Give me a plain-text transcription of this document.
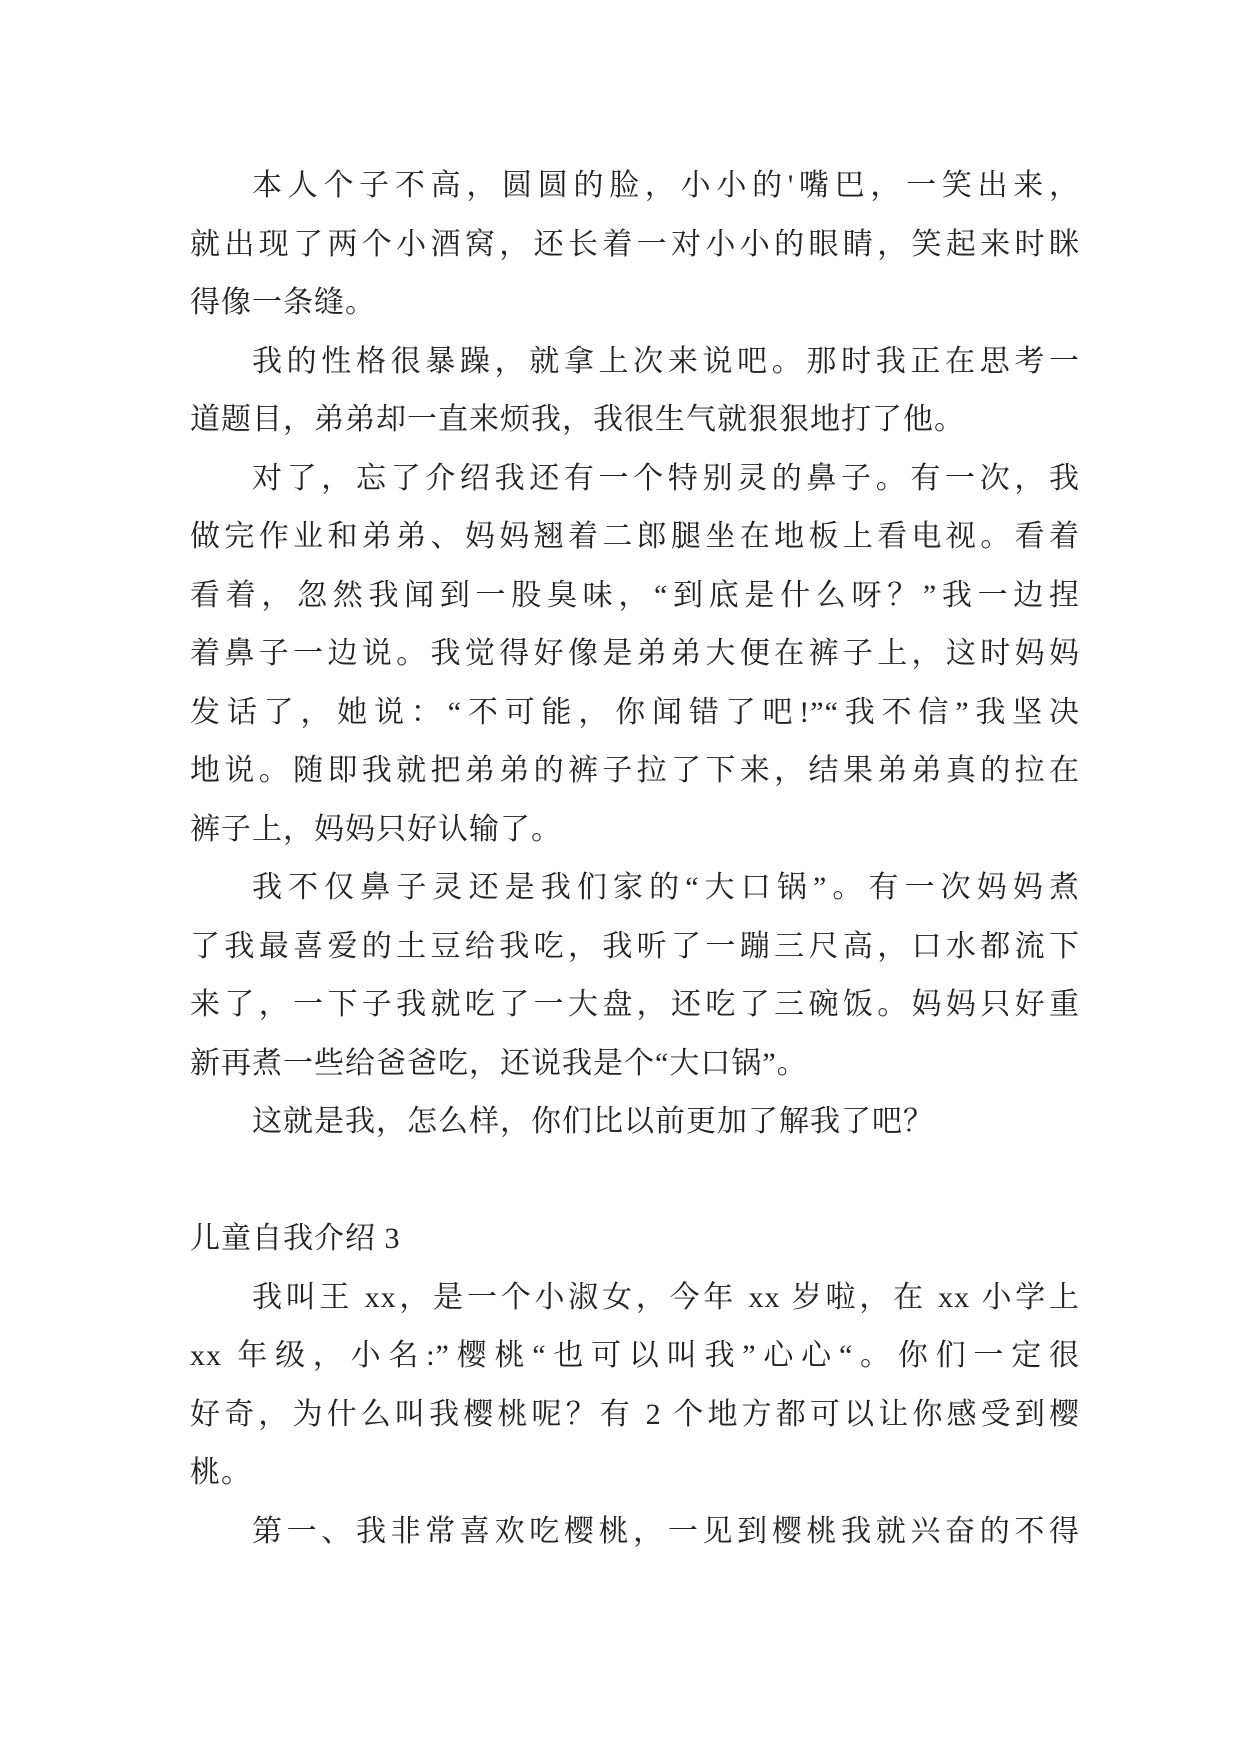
本人个子不高，圆圆的脸，小小的'嘴巴，一笑出来，
就出现了两个小酒窝，还长着一对小小的眼睛，笑起来时眯
得像一条缝。
我的性格很暴躁，就拿上次来说吧。那时我正在思考一
道题目，弟弟却一直来烦我，我很生气就狠狠地打了他。
对了，忘了介绍我还有一个特别灵的鼻子。有一次，我
做完作业和弟弟、妈妈翘着二郎腿坐在地板上看电视。看着
看着，忽然我闻到一股臭味，“到底是什么呀？”我一边捏
着鼻子一边说。我觉得好像是弟弟大便在裤子上，这时妈妈
发话了，她说：“不可能，你闻错了吧!”“我不信”我坚决
地说。随即我就把弟弟的裤子拉了下来，结果弟弟真的拉在
裤子上，妈妈只好认输了。
我不仅鼻子灵还是我们家的“大口锅”。有一次妈妈煮
了我最喜爱的土豆给我吃，我听了一蹦三尺高，口水都流下
来了，一下子我就吃了一大盘，还吃了三碗饭。妈妈只好重
新再煮一些给爸爸吃，还说我是个“大口锅”。
这就是我，怎么样，你们比以前更加了解我了吧？
儿童自我介绍 3
我叫王 xx，是一个小淑女，今年 xx 岁啦，在 xx 小学上
xx 年级，小名:”樱桃“也可以叫我”心心“。你们一定很
好奇，为什么叫我樱桃呢？有 2 个地方都可以让你感受到樱
桃。
第一、我非常喜欢吃樱桃，一见到樱桃我就兴奋的不得
